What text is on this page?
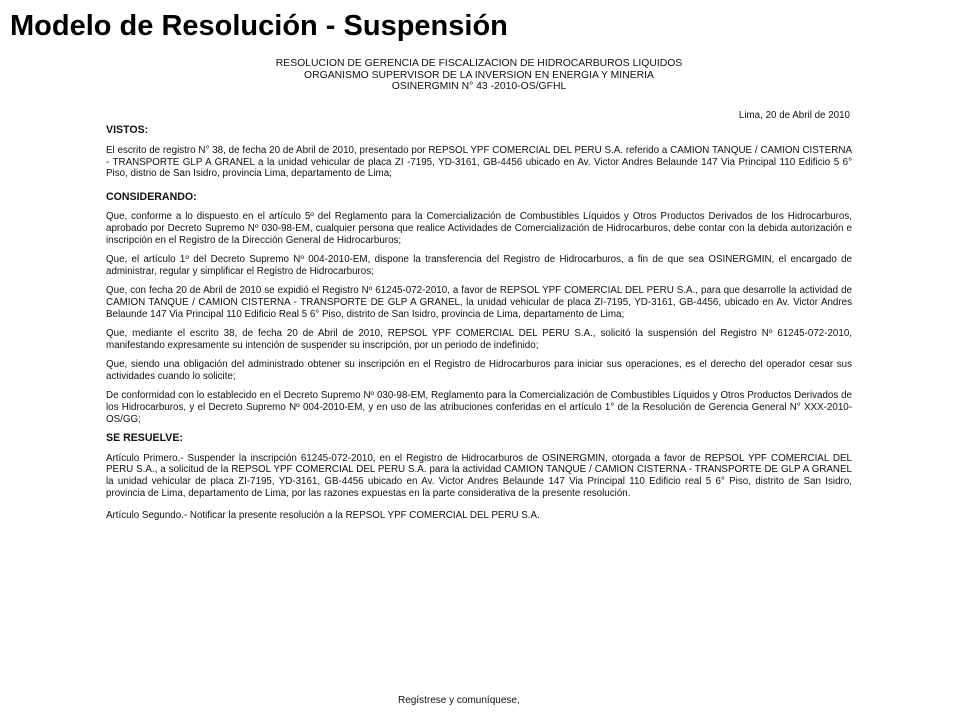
Modelo de Resolución - Suspensión
RESOLUCION DE GERENCIA DE FISCALIZACION DE HIDROCARBUROS LIQUIDOS
ORGANISMO SUPERVISOR DE LA INVERSION EN ENERGIA Y MINERIA
OSINERGMIN N° 43 -2010-OS/GFHL
Lima, 20 de Abril de 2010
VISTOS:

El escrito de registro N° 38, de fecha 20 de Abril de 2010, presentado por REPSOL YPF COMERCIAL DEL PERU S.A. referido a CAMION TANQUE / CAMION CISTERNA - TRANSPORTE GLP A GRANEL a la unidad vehicular de placa ZI -7195, YD-3161, GB-4456 ubicado en Av. Victor Andres Belaunde 147 Via Principal 110 Edificio 5 6° Piso, distrio de San Isidro, provincia Lima, departamento de Lima;

CONSIDERANDO:

Que, conforme a lo dispuesto en el artículo 5º del Reglamento para la Comercialización de Combustibles Líquidos y Otros Productos Derivados de los Hidrocarburos, aprobado por Decreto Supremo Nº 030-98-EM, cualquier persona que realice Actividades de Comercialización de Hidrocarburos, debe contar con la debida autorización e inscripción en el Registro de la Dirección General de Hidrocarburos;

Que, el artículo 1º del Decreto Supremo Nº 004-2010-EM, dispone la transferencia del Registro de Hidrocarburos, a fin de que sea OSINERGMIN, el encargado de administrar, regular y simplificar el Registro de Hidrocarburos;

Que, con fecha 20 de Abril de 2010 se expidió el Registro Nº 61245-072-2010, a favor de REPSOL YPF COMERCIAL DEL PERU S.A., para que desarrolle la actividad de CAMION TANQUE / CAMION CISTERNA - TRANSPORTE DE GLP A GRANEL, la unidad vehicular de placa ZI-7195, YD-3161, GB-4456, ubicado en Av. Victor Andres Belaunde 147 Via Principal 110 Edificio Real 5 6° Piso, distrito de San Isidro, provincia de Lima, departamento de Lima;

Que, mediante el escrito 38, de fecha 20 de Abril de 2010, REPSOL YPF COMERCIAL DEL PERU S.A., solicitó la suspensión del Registro Nº 61245-072-2010, manifestando expresamente su intención de suspender su inscripción, por un periodo de indefinido;

Que, siendo una obligación del administrado obtener su inscripción en el Registro de Hidrocarburos para iniciar sus operaciones, es el derecho del operador cesar sus actividades cuando lo solicite;

De conformidad con lo establecido en el Decreto Supremo Nº 030-98-EM, Reglamento para la Comercialización de Combustibles Líquidos y Otros Productos Derivados de los Hidrocarburos, y el Decreto Supremo Nº 004-2010-EM, y en uso de las atribuciones conferidas en el artículo 1° de la Resolución de Gerencia General N° XXX-2010-OS/GG;

SE RESUELVE:

Artículo Primero.- Suspender la inscripción 61245-072-2010, en el Registro de Hidrocarburos de OSINERGMIN, otorgada a favor de REPSOL YPF COMERCIAL DEL PERU S.A., a solicitud de la REPSOL YPF COMERCIAL DEL PERU S.A. para la actividad CAMION TANQUE / CAMION CISTERNA - TRANSPORTE DE GLP A GRANEL la unidad vehicular de placa ZI-7195, YD-3161, GB-4456 ubicado en Av. Victor Andres Belaunde 147 Via Principal 110 Edificio real 5 6° Piso, distrito de San Isidro, provincia de Lima, departamento de Lima, por las razones expuestas en la parte considerativa de la presente resolución.

Artículo Segundo.- Notificar la presente resolución a la REPSOL YPF COMERCIAL DEL PERU S.A.

Regístrese y comuníquese,
